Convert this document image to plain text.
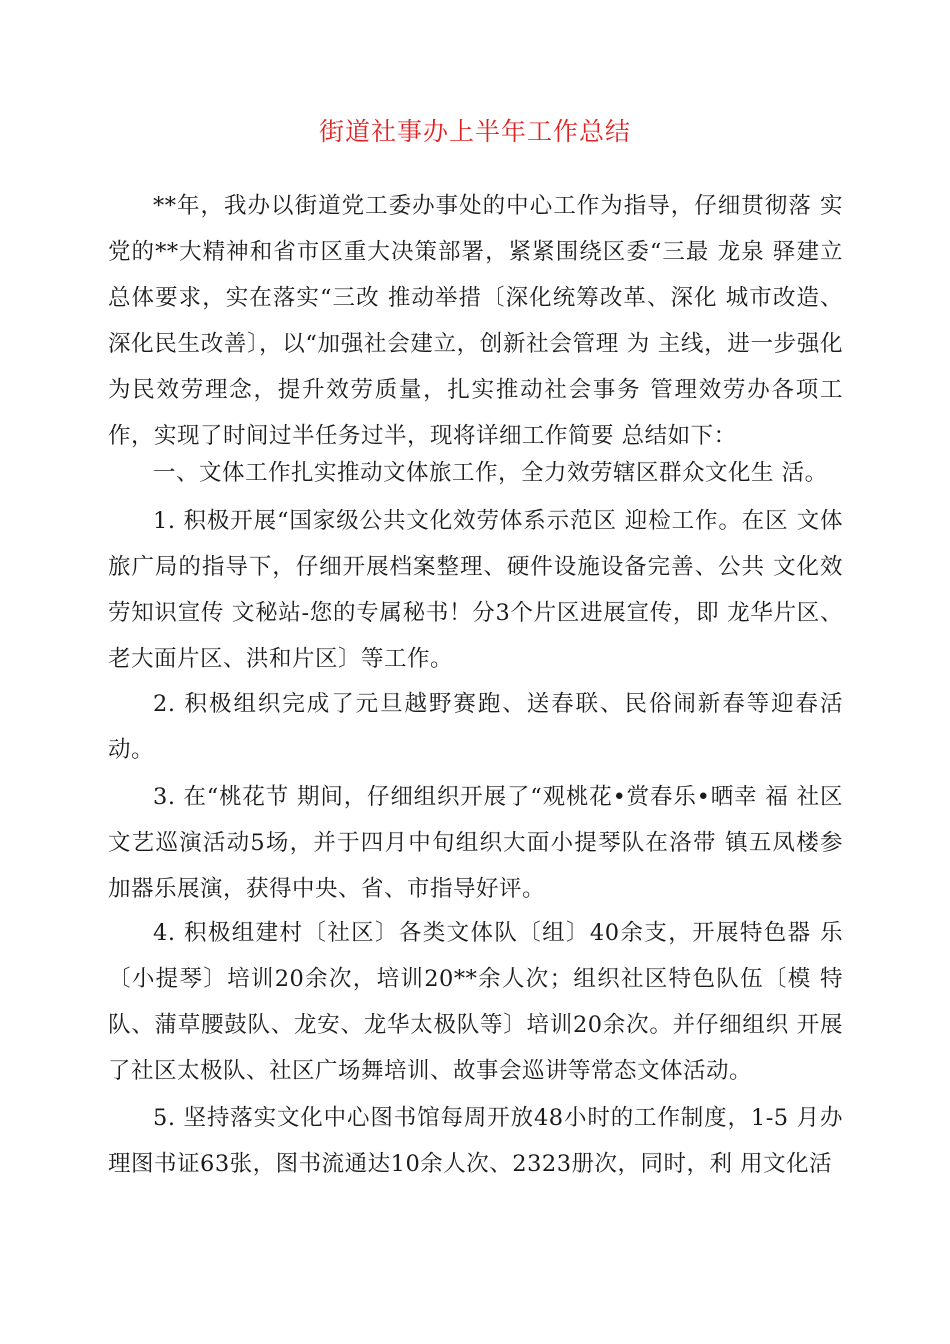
街道社事办上半年工作总结

**年，我办以街道党工委办事处的中心工作为指导，仔细贯彻落 实党的**大精神和省市区重大决策部署，紧紧围绕区委“三最 龙泉 驿建立总体要求，实在落实“三改 推动举措〔深化统筹改革、深化 城市改造、深化民生改善〕，以“加强社会建立，创新社会管理 为 主线，进一步强化为民效劳理念，提升效劳质量，扎实推动社会事务 管理效劳办各项工作，实现了时间过半任务过半，现将详细工作简要 总结如下：

一、文体工作扎实推动文体旅工作，全力效劳辖区群众文化生 活。

1. 积极开展“国家级公共文化效劳体系示范区 迎检工作。在区 文体旅广局的指导下，仔细开展档案整理、硬件设施设备完善、公共 文化效劳知识宣传 文秘站-您的专属秘书！分3个片区进展宣传，即 龙华片区、老大面片区、洪和片区〕等工作。

2. 积极组织完成了元旦越野赛跑、送春联、民俗闹新春等迎春活动。

3. 在“桃花节 期间，仔细组织开展了“观桃花•赏春乐•晒幸 福 社区文艺巡演活动5场，并于四月中旬组织大面小提琴队在洛带 镇五凤楼参加器乐展演，获得中央、省、市指导好评。

4. 积极组建村〔社区〕各类文体队〔组〕40余支，开展特色器 乐〔小提琴〕培训20余次，培训20**余人次；组织社区特色队伍〔模 特队、蒲草腰鼓队、龙安、龙华太极队等〕培训20余次。并仔细组织 开展了社区太极队、社区广场舞培训、故事会巡讲等常态文体活动。

5. 坚持落实文化中心图书馆每周开放48小时的工作制度，1-5 月办理图书证63张，图书流通达10余人次、2323册次，同时，利 用文化活
